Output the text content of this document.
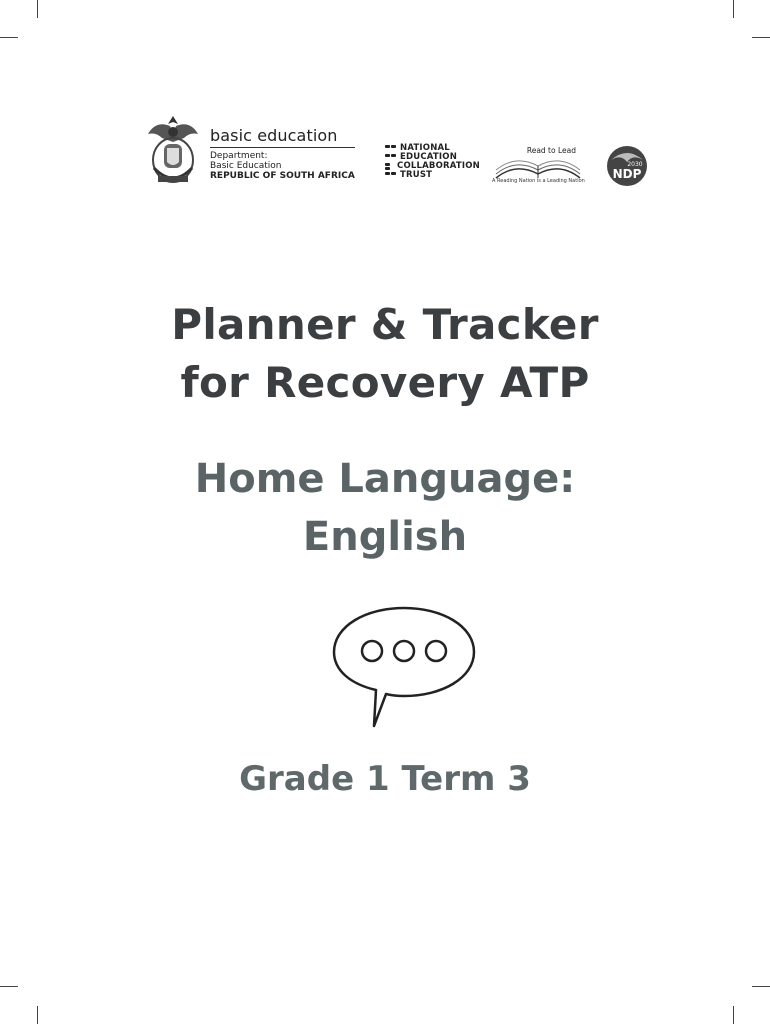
basic education
Department:
Basic Education
REPUBLIC OF SOUTH AFRICA
NATIONAL
EDUCATION
COLLABORATION
TRUST
Read to Lead
A Reading Nation is a Leading Nation
2030
NDP
Planner & Tracker
for Recovery ATP
Home Language:
English
Grade 1 Term 3
